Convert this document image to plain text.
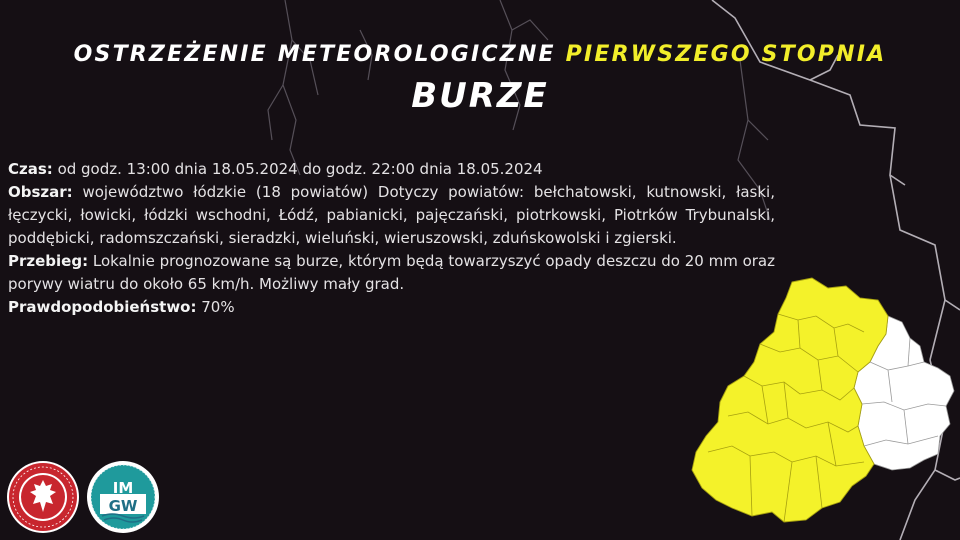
OSTRZEŻENIE METEOROLOGICZNE PIERWSZEGO STOPNIA
BURZE

Czas: od godz. 13:00 dnia 18.05.2024 do godz. 22:00 dnia 18.05.2024

Obszar: województwo łódzkie (18 powiatów) Dotyczy powiatów: bełchatowski, kutnowski, łaski, łęczycki, łowicki, łódzki wschodni, Łódź, pabianicki, pajęczański, piotrkowski, Piotrków Trybunalski, poddębicki, radomszczański, sieradzki, wieluński, wieruszowski, zduńskowolski i zgierski.

Przebieg: Lokalnie prognozowane są burze, którym będą towarzyszyć opady deszczu do 20 mm oraz porywy wiatru do około 65 km/h. Możliwy mały grad.

Prawdopodobieństwo: 70%

IM
GW
